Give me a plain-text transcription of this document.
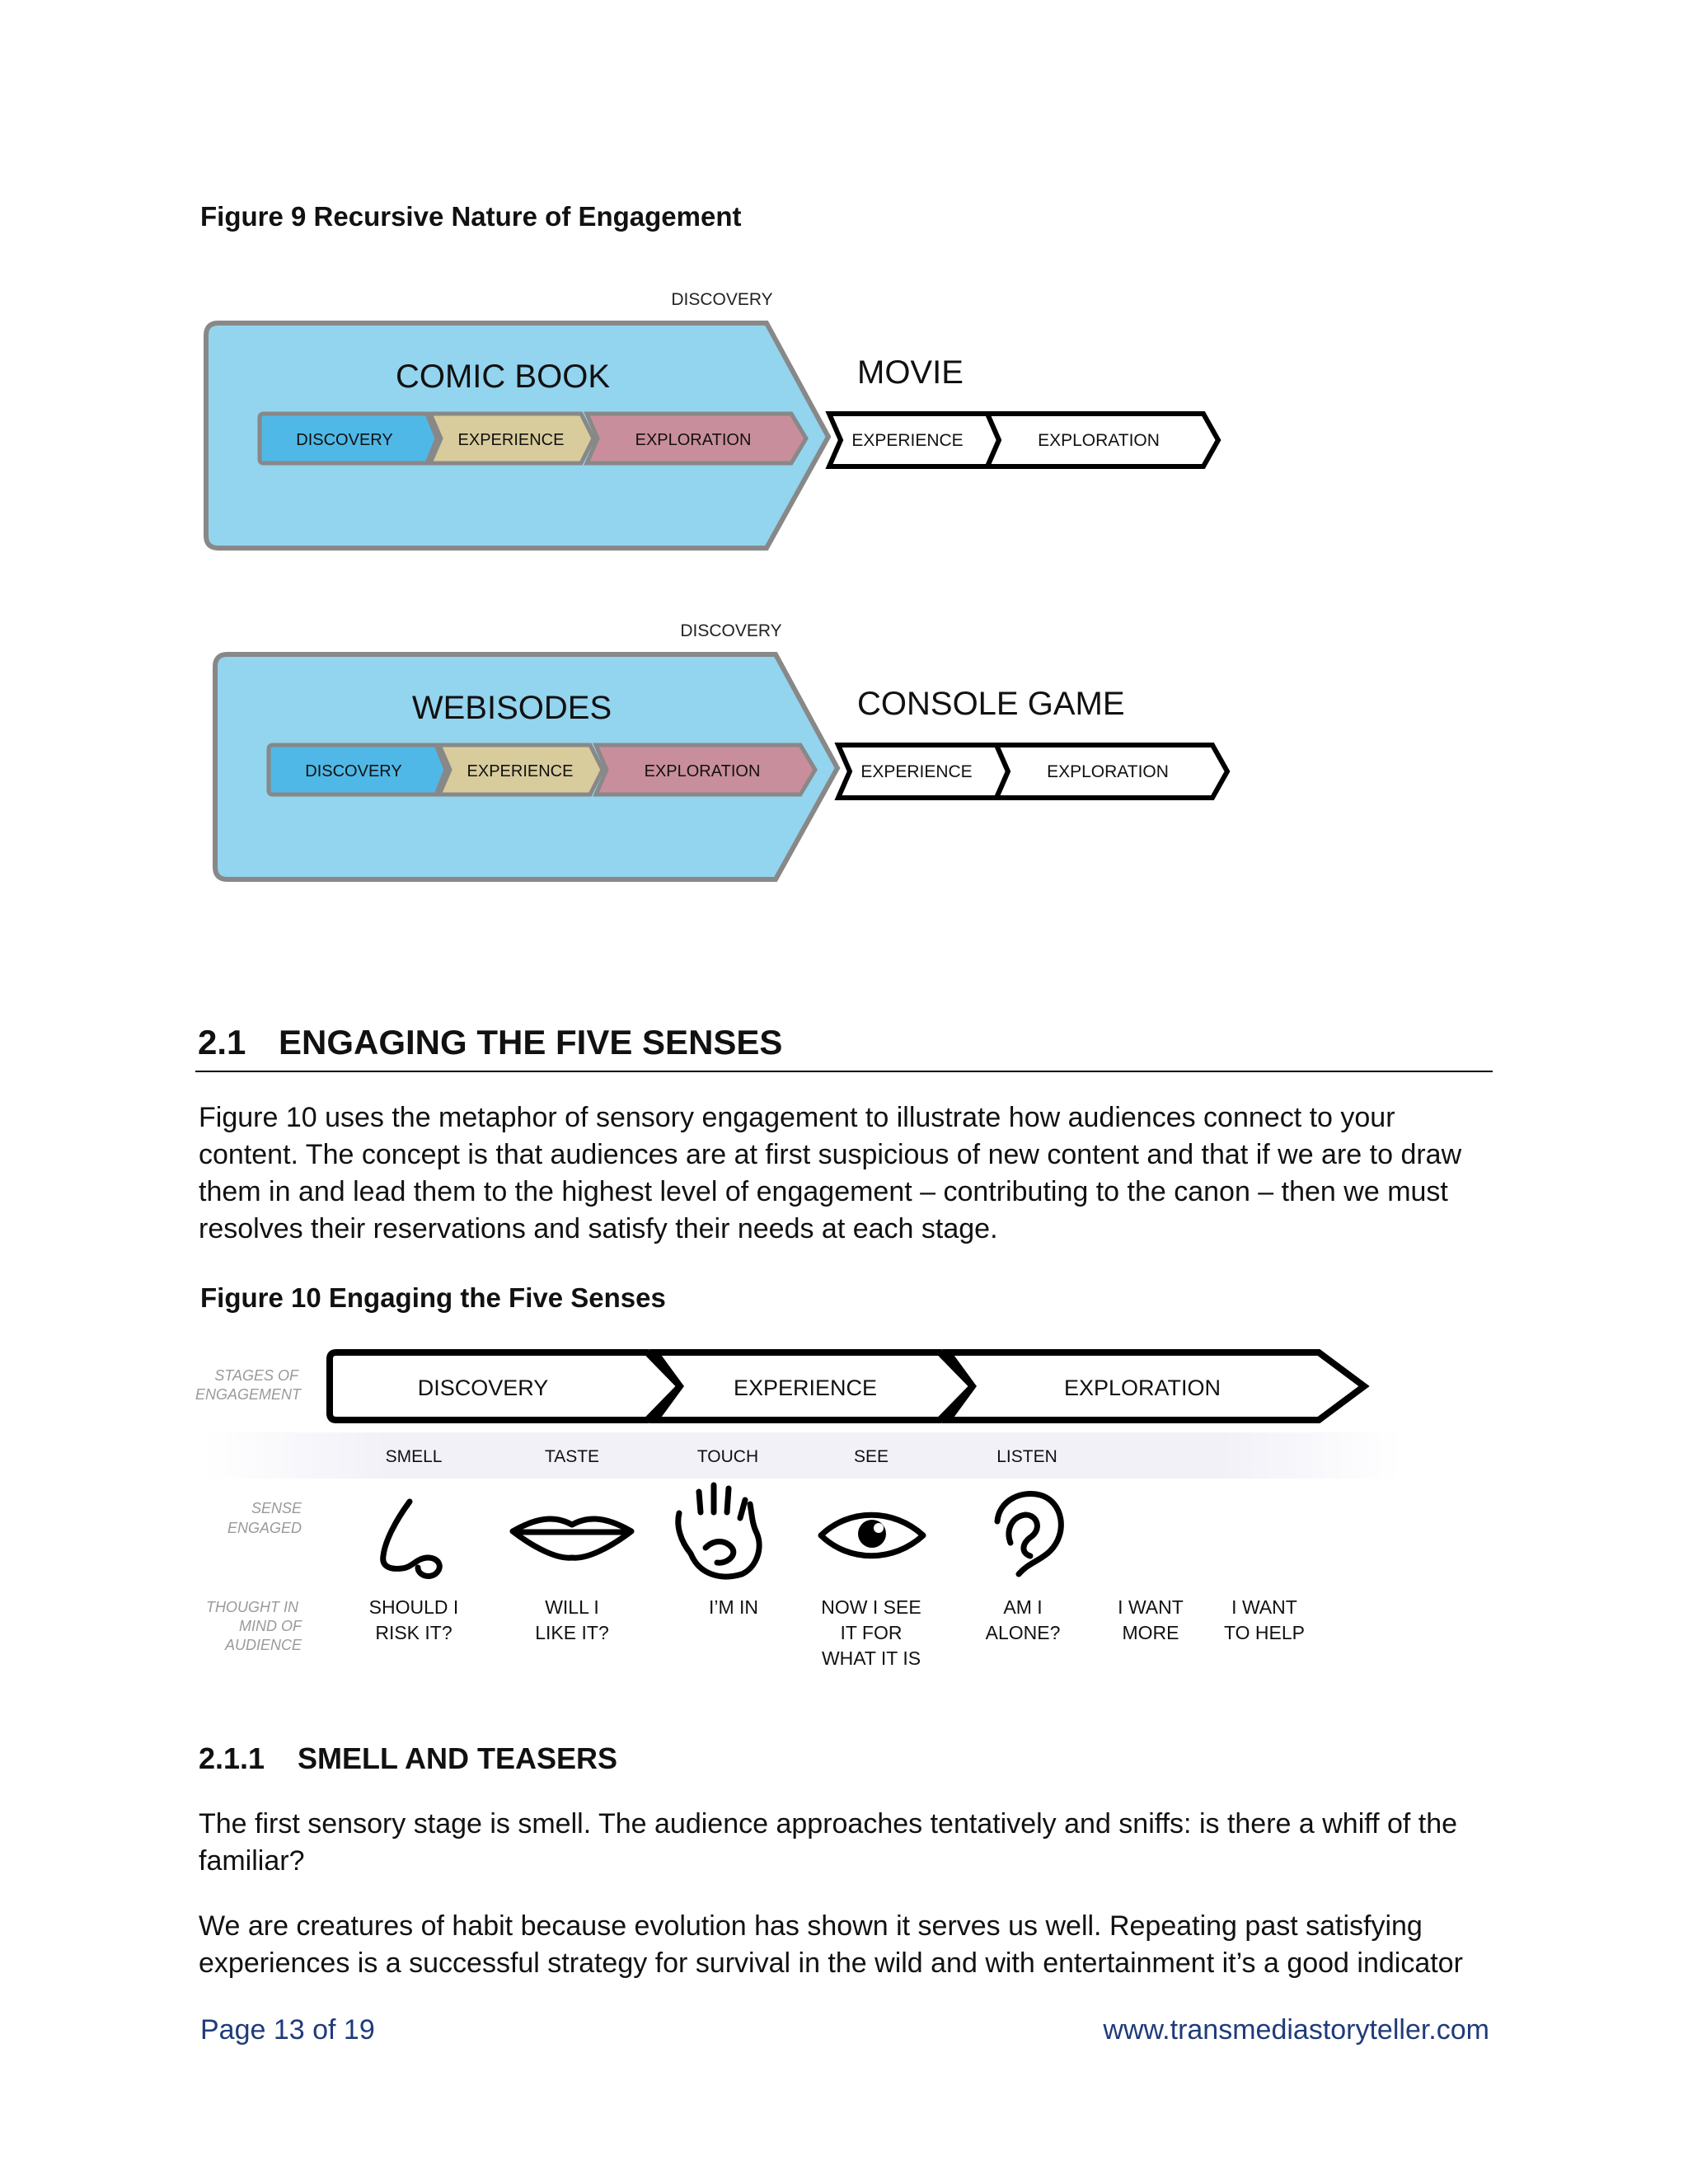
Figure 9 Recursive Nature of Engagement
DISCOVERY
COMIC BOOK
DISCOVERY	EXPERIENCE	EXPLORATION
MOVIE
EXPERIENCE	EXPLORATION
DISCOVERY
WEBISODES
DISCOVERY	EXPERIENCE	EXPLORATION
CONSOLE GAME
EXPERIENCE	EXPLORATION
2.1 ENGAGING THE FIVE SENSES
Figure 10 uses the metaphor of sensory engagement to illustrate how audiences connect to your
content. The concept is that audiences are at first suspicious of new content and that if we are to draw
them in and lead them to the highest level of engagement – contributing to the canon – then we must
resolves their reservations and satisfy their needs at each stage.
Figure 10 Engaging the Five Senses
STAGES OF
ENGAGEMENT
SENSE
ENGAGED
THOUGHT IN
MIND OF
AUDIENCE
DISCOVERY	EXPERIENCE	EXPLORATION
SMELL	TASTE	TOUCH	SEE	LISTEN
SHOULD I
RISK IT?
WILL I
LIKE IT?
I’M IN	NOW I SEE
IT FOR
WHAT IT IS
AM I
ALONE?
I WANT
MORE
I WANT
TO HELP
2.1.1 SMELL AND TEASERS
The first sensory stage is smell. The audience approaches tentatively and sniffs: is there a whiff of the
familiar?
We are creatures of habit because evolution has shown it serves us well. Repeating past satisfying
experiences is a successful strategy for survival in the wild and with entertainment it’s a good indicator
Page 13 of 19	www.transmediastoryteller.com
